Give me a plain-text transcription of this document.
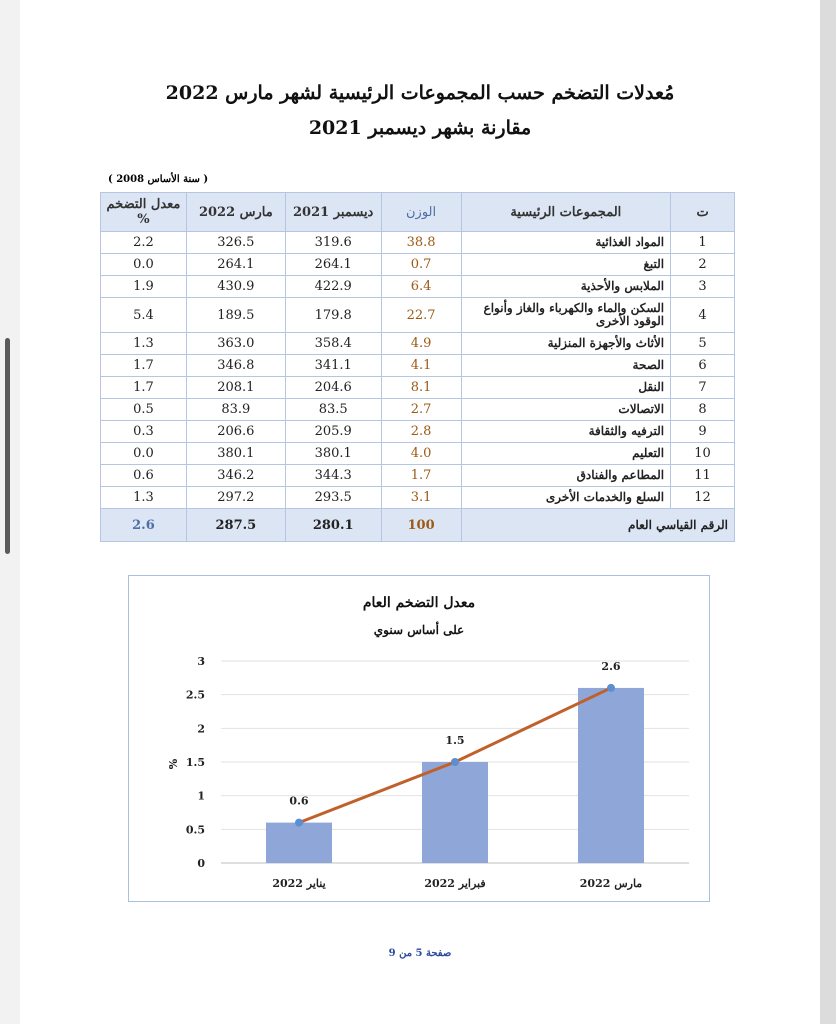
مُعدلات التضخم حسب المجموعات الرئيسية لشهر مارس 2022
مقارنة بشهر ديسمبر 2021
( سنة الأساس 2008 )
ت	المجموعات الرئيسية	الوزن	ديسمبر 2021	مارس 2022	معدل التضخم %
1	المواد الغذائية	38.8	319.6	326.5	2.2
2	التبغ	0.7	264.1	264.1	0.0
3	الملابس والأحذية	6.4	422.9	430.9	1.9
4	السكن والماء والكهرباء والغاز وأنواع الوقود الأخرى	22.7	179.8	189.5	5.4
5	الأثاث والأجهزة المنزلية	4.9	358.4	363.0	1.3
6	الصحة	4.1	341.1	346.8	1.7
7	النقل	8.1	204.6	208.1	1.7
8	الاتصالات	2.7	83.5	83.9	0.5
9	الترفيه والثقافة	2.8	205.9	206.6	0.3
10	التعليم	4.0	380.1	380.1	0.0
11	المطاعم والفنادق	1.7	344.3	346.2	0.6
12	السلع والخدمات الأخرى	3.1	293.5	297.2	1.3
الرقم القياسي العام		100	280.1	287.5	2.6
معدل التضخم العام
على أساس سنوي
%
0
0.5
1
1.5
2
2.5
3
0.6
يناير 2022
1.5
فبراير 2022
2.6
مارس 2022
صفحة 5 من 9
